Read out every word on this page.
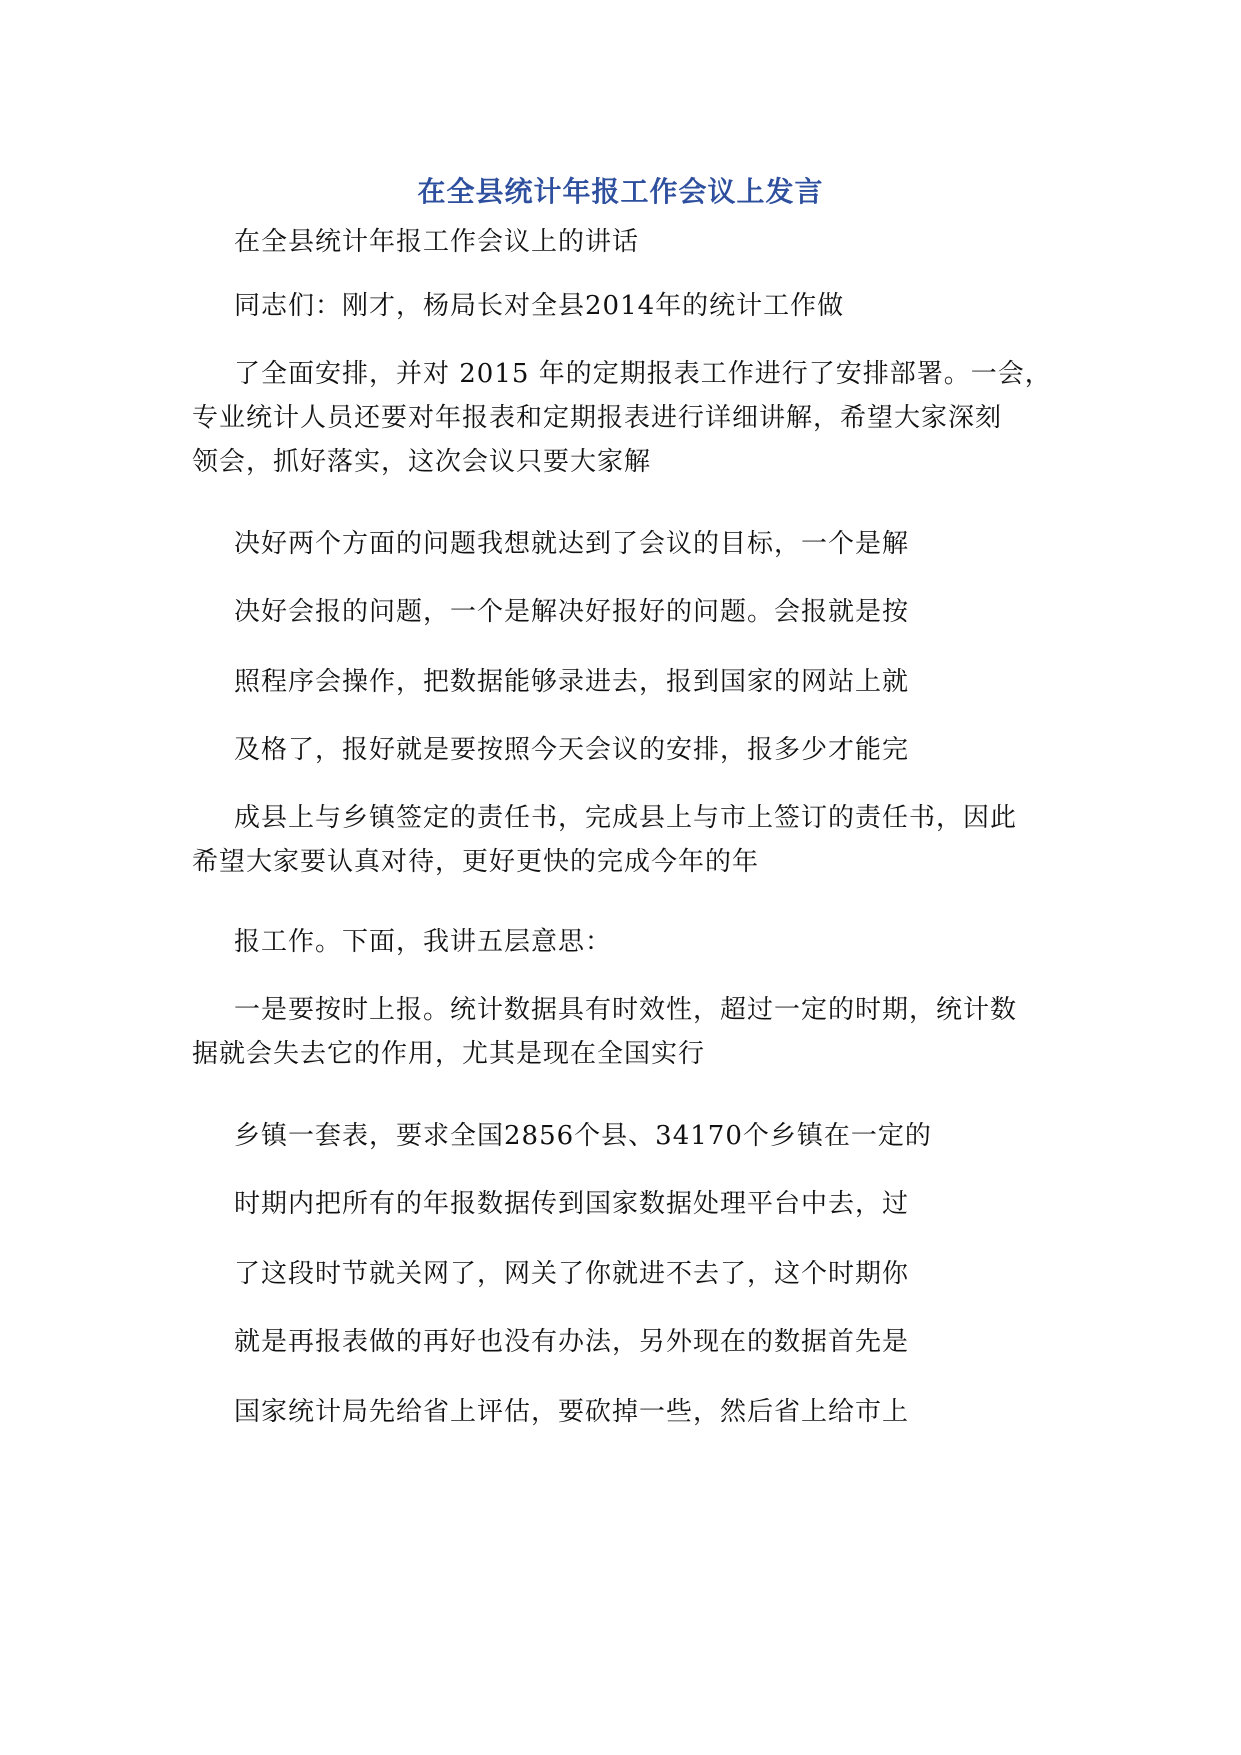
在全县统计年报工作会议上发言
在全县统计年报工作会议上的讲话
同志们：刚才，杨局长对全县2014年的统计工作做
了全面安排，并对 2015 年的定期报表工作进行了安排部署。一会，
专业统计人员还要对年报表和定期报表进行详细讲解，希望大家深刻
领会，抓好落实，这次会议只要大家解
决好两个方面的问题我想就达到了会议的目标，一个是解
决好会报的问题，一个是解决好报好的问题。会报就是按
照程序会操作，把数据能够录进去，报到国家的网站上就
及格了，报好就是要按照今天会议的安排，报多少才能完
成县上与乡镇签定的责任书，完成县上与市上签订的责任书，因此
希望大家要认真对待，更好更快的完成今年的年
报工作。下面，我讲五层意思：
一是要按时上报。统计数据具有时效性，超过一定的时期，统计数
据就会失去它的作用，尤其是现在全国实行
乡镇一套表，要求全国2856个县、34170个乡镇在一定的
时期内把所有的年报数据传到国家数据处理平台中去，过
了这段时节就关网了，网关了你就进不去了，这个时期你
就是再报表做的再好也没有办法，另外现在的数据首先是
国家统计局先给省上评估，要砍掉一些，然后省上给市上
